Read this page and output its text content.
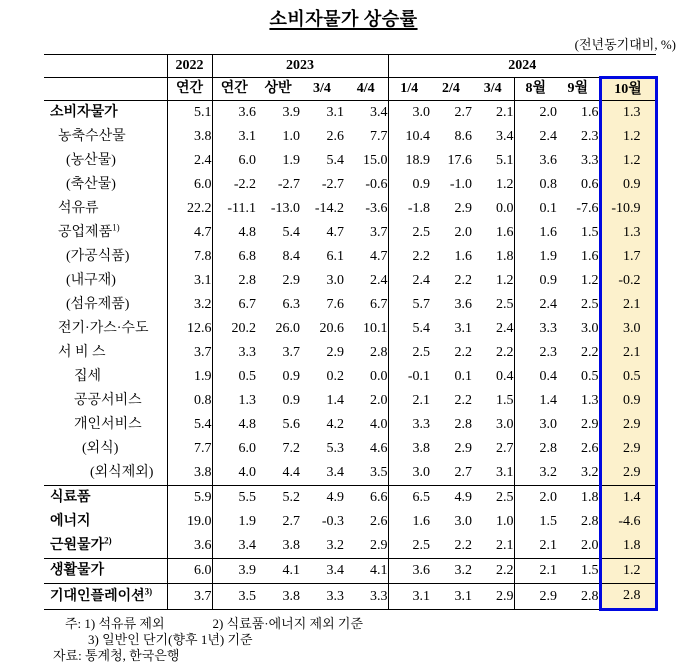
소비자물가 상승률
(전년동기대비, %)
	2022	2023				2024					
	연간	연간	상반	3/4	4/4	1/4	2/4	3/4	8월	9월	10월
소비자물가	5.1	3.6	3.9	3.1	3.4	3.0	2.7	2.1	2.0	1.6	1.3
농축수산물	3.8	3.1	1.0	2.6	7.7	10.4	8.6	3.4	2.4	2.3	1.2
(농산물)	2.4	6.0	1.9	5.4	15.0	18.9	17.6	5.1	3.6	3.3	1.2
(축산물)	6.0	-2.2	-2.7	-2.7	-0.6	0.9	-1.0	1.2	0.8	0.6	0.9
석유류	22.2	-11.1	-13.0	-14.2	-3.6	-1.8	2.9	0.0	0.1	-7.6	-10.9
공업제품$^{1)}$	4.7	4.8	5.4	4.7	3.7	2.5	2.0	1.6	1.6	1.5	1.3
(가공식품)	7.8	6.8	8.4	6.1	4.7	2.2	1.6	1.8	1.9	1.6	1.7
(내구재)	3.1	2.8	2.9	3.0	2.4	2.4	2.2	1.2	0.9	1.2	-0.2
(섬유제품)	3.2	6.7	6.3	7.6	6.7	5.7	3.6	2.5	2.4	2.5	2.1
전기·가스·수도	12.6	20.2	26.0	20.6	10.1	5.4	3.1	2.4	3.3	3.0	3.0
서 비 스	3.7	3.3	3.7	2.9	2.8	2.5	2.2	2.2	2.3	2.2	2.1
집세	1.9	0.5	0.9	0.2	0.0	-0.1	0.1	0.4	0.4	0.5	0.5
공공서비스	0.8	1.3	0.9	1.4	2.0	2.1	2.2	1.5	1.4	1.3	0.9
개인서비스	5.4	4.8	5.6	4.2	4.0	3.3	2.8	3.0	3.0	2.9	2.9
(외식)	7.7	6.0	7.2	5.3	4.6	3.8	2.9	2.7	2.8	2.6	2.9
(외식제외)	3.8	4.0	4.4	3.4	3.5	3.0	2.7	3.1	3.2	3.2	2.9
식료품	5.9	5.5	5.2	4.9	6.6	6.5	4.9	2.5	2.0	1.8	1.4
에너지	19.0	1.9	2.7	-0.3	2.6	1.6	3.0	1.0	1.5	2.8	-4.6
근원물가$^{2)}$	3.6	3.4	3.8	3.2	2.9	2.5	2.2	2.1	2.1	2.0	1.8
생활물가	6.0	3.9	4.1	3.4	4.1	3.6	3.2	2.2	2.1	1.5	1.2
기대인플레이션$^{3)}$	3.7	3.5	3.8	3.3	3.3	3.1	3.1	2.9	2.9	2.8	2.8
주: 1) 석유류 제외	2) 식료품·에너지 제외 기준
3) 일반인 단기(향후 1년) 기준
자료: 통계청, 한국은행
